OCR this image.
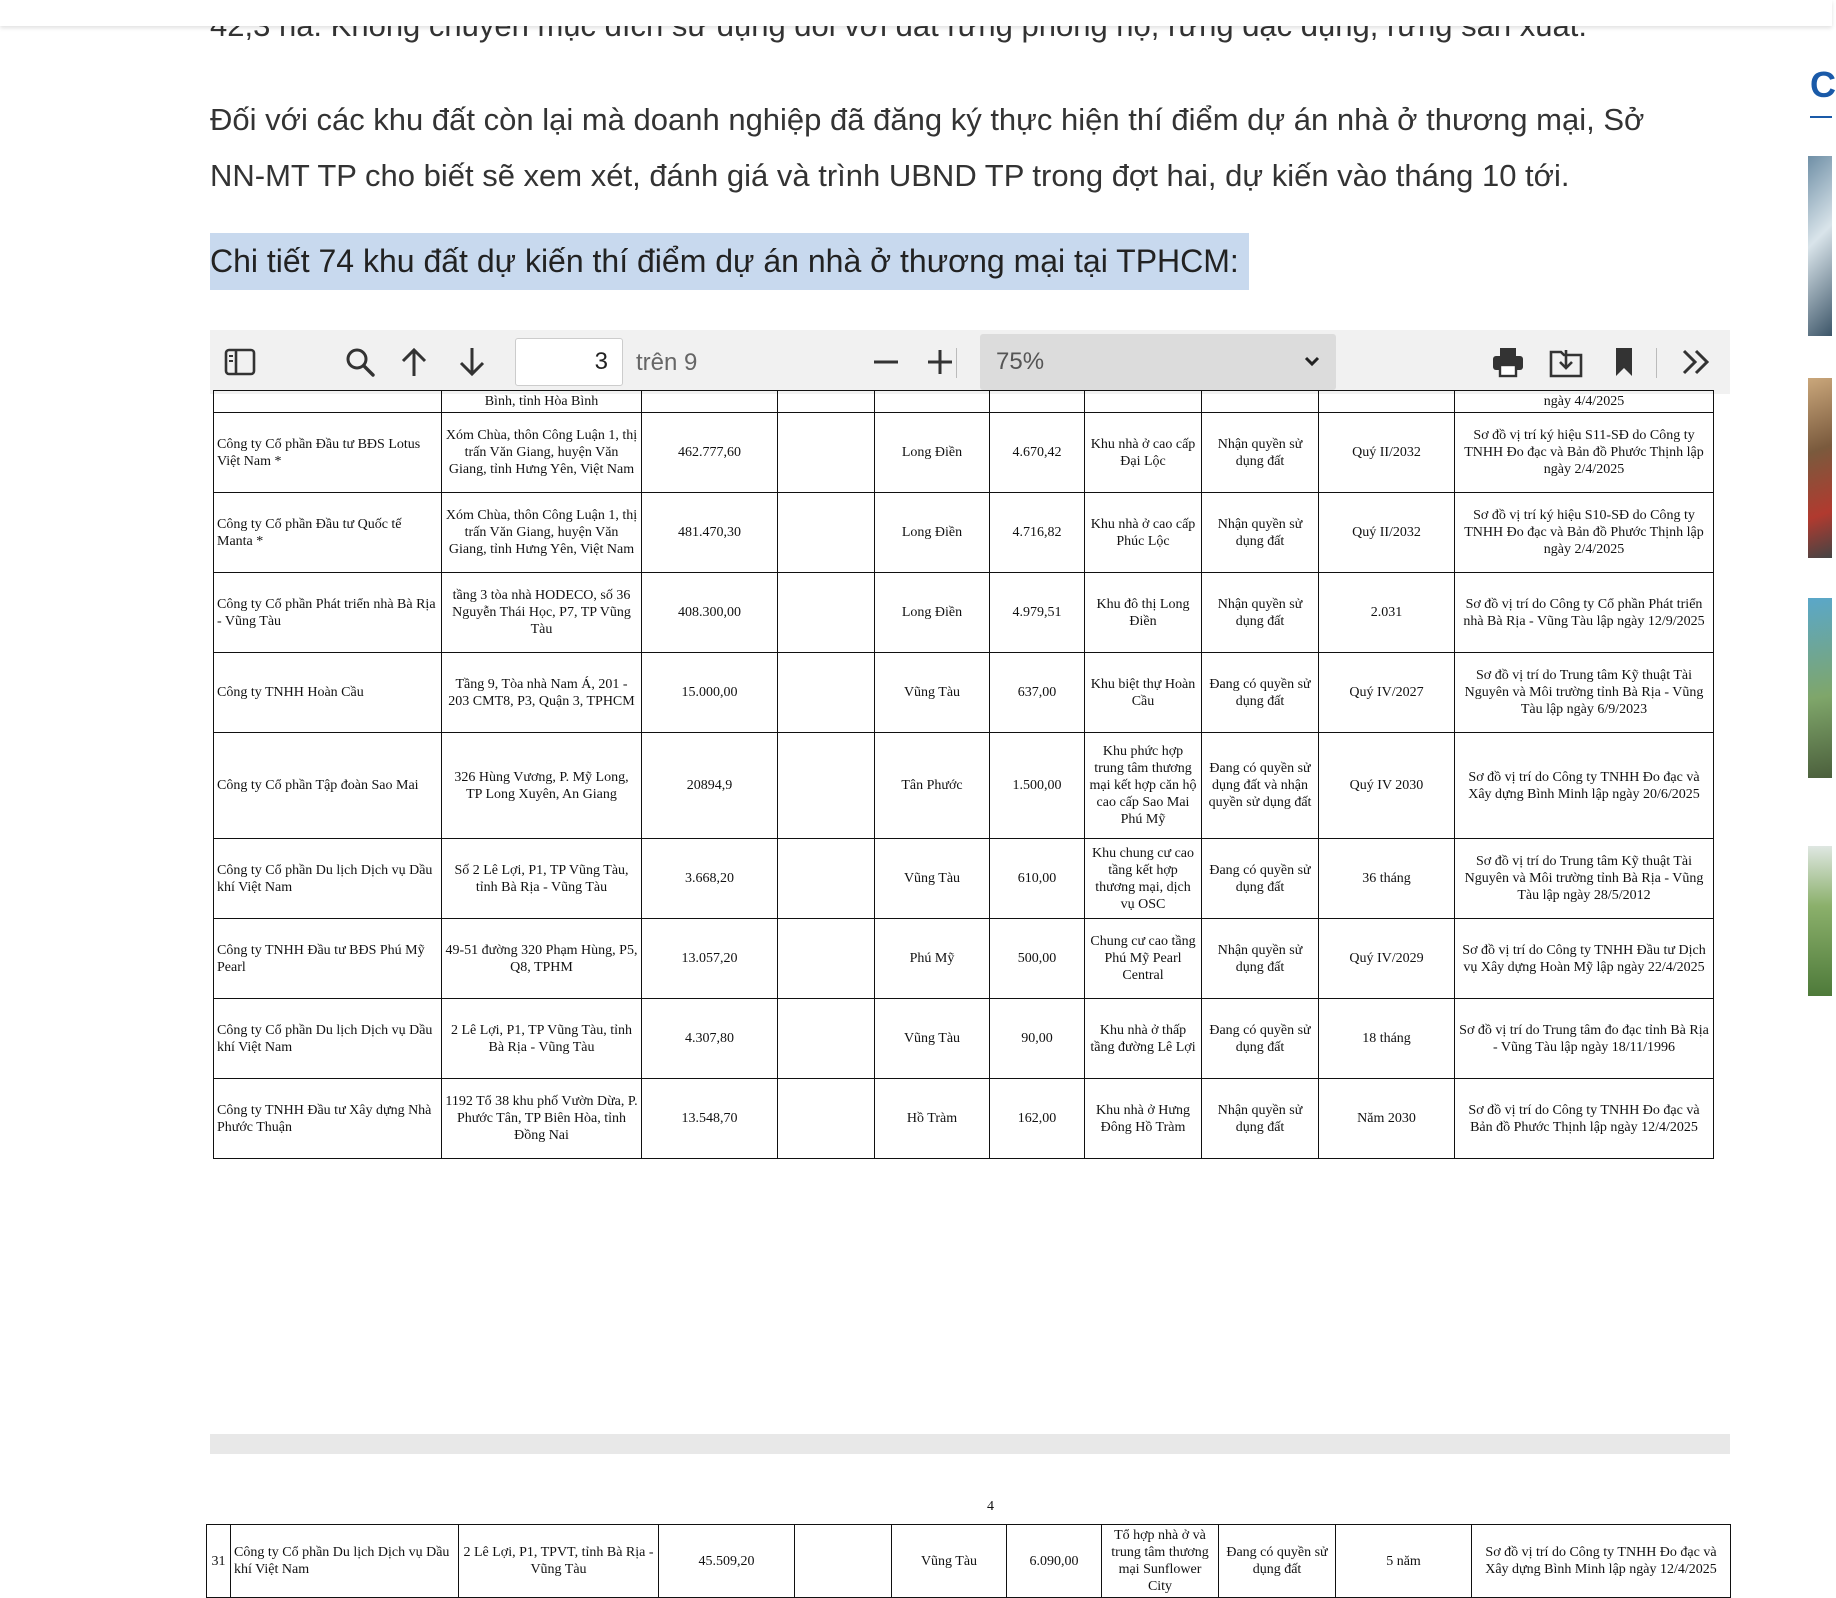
Đối với các khu đất còn lại mà doanh nghiệp đã đăng ký thực hiện thí điểm dự án nhà ở thương mại, Sở
NN-MT TP cho biết sẽ xem xét, đánh giá và trình UBND TP trong đợt hai, dự kiến vào tháng 10 tới.
Chi tiết 74 khu đất dự kiến thí điểm dự án nhà ở thương mại tại TPHCM:
C
3	trên 9	75%
	Bình, tỉnh Hòa Bình								ngày 4/4/2025
Công ty Cổ phần Đầu tư BĐS Lotus Việt Nam *	Xóm Chùa, thôn Công Luận 1, thị trấn Văn Giang, huyện Văn Giang, tỉnh Hưng Yên, Việt Nam	462.777,60		Long Điền	4.670,42	Khu nhà ở cao cấp Đại Lộc	Nhận quyền sử dụng đất	Quý II/2032	Sơ đồ vị trí ký hiệu S11-SĐ do Công ty TNHH Đo đạc và Bản đồ Phước Thịnh lập ngày 2/4/2025
Công ty Cổ phần Đầu tư Quốc tế Manta *	Xóm Chùa, thôn Công Luận 1, thị trấn Văn Giang, huyện Văn Giang, tỉnh Hưng Yên, Việt Nam	481.470,30		Long Điền	4.716,82	Khu nhà ở cao cấp Phúc Lộc	Nhận quyền sử dụng đất	Quý II/2032	Sơ đồ vị trí ký hiệu S10-SĐ do Công ty TNHH Đo đạc và Bản đồ Phước Thịnh lập ngày 2/4/2025
Công ty Cổ phần Phát triển nhà Bà Rịa - Vũng Tàu	tầng 3 tòa nhà HODECO, số 36 Nguyễn Thái Học, P7, TP Vũng Tàu	408.300,00		Long Điền	4.979,51	Khu đô thị Long Điền	Nhận quyền sử dụng đất	2.031	Sơ đồ vị trí do Công ty Cổ phần Phát triển nhà Bà Rịa - Vũng Tàu lập ngày 12/9/2025
Công ty TNHH Hoàn Cầu	Tầng 9, Tòa nhà Nam Á, 201 - 203 CMT8, P3, Quận 3, TPHCM	15.000,00		Vũng Tàu	637,00	Khu biệt thự Hoàn Cầu	Đang có quyền sử dụng đất	Quý IV/2027	Sơ đồ vị trí do Trung tâm Kỹ thuật Tài Nguyên và Môi trường tỉnh Bà Rịa - Vũng Tàu lập ngày 6/9/2023
Công ty Cổ phần Tập đoàn Sao Mai	326 Hùng Vương, P. Mỹ Long, TP Long Xuyên, An Giang	20894,9		Tân Phước	1.500,00	Khu phức hợp trung tâm thương mại kết hợp căn hộ cao cấp Sao Mai Phú Mỹ	Đang có quyền sử dụng đất và nhận quyền sử dụng đất	Quý IV 2030	Sơ đồ vị trí do Công ty TNHH Đo đạc và Xây dựng Bình Minh lập ngày 20/6/2025
Công ty Cổ phần Du lịch Dịch vụ Dầu khí Việt Nam	Số 2 Lê Lợi, P1, TP Vũng Tàu, tỉnh Bà Rịa - Vũng Tàu	3.668,20		Vũng Tàu	610,00	Khu chung cư cao tầng kết hợp thương mại, dịch vụ OSC	Đang có quyền sử dụng đất	36 tháng	Sơ đồ vị trí do Trung tâm Kỹ thuật Tài Nguyên và Môi trường tỉnh Bà Rịa - Vũng Tàu lập ngày 28/5/2012
Công ty TNHH Đầu tư BĐS Phú Mỹ Pearl	49-51 đường 320 Phạm Hùng, P5, Q8, TPHM	13.057,20		Phú Mỹ	500,00	Chung cư cao tầng Phú Mỹ Pearl Central	Nhận quyền sử dụng đất	Quý IV/2029	Sơ đồ vị trí do Công ty TNHH Đầu tư Dịch vụ Xây dựng Hoàn Mỹ lập ngày 22/4/2025
Công ty Cổ phần Du lịch Dịch vụ Dầu khí Việt Nam	2 Lê Lợi, P1, TP Vũng Tàu, tỉnh Bà Rịa - Vũng Tàu	4.307,80		Vũng Tàu	90,00	Khu nhà ở thấp tầng đường Lê Lợi	Đang có quyền sử dụng đất	18 tháng	Sơ đồ vị trí do Trung tâm đo đạc tỉnh Bà Rịa - Vũng Tàu lập ngày 18/11/1996
Công ty TNHH Đầu tư Xây dựng Nhà Phước Thuận	1192 Tổ 38 khu phố Vườn Dừa, P. Phước Tân, TP Biên Hòa, tỉnh Đồng Nai	13.548,70		Hồ Tràm	162,00	Khu nhà ở Hưng Đông Hồ Tràm	Nhận quyền sử dụng đất	Năm 2030	Sơ đồ vị trí do Công ty TNHH Đo đạc và Bản đồ Phước Thịnh lập ngày 12/4/2025
4
31	Công ty Cổ phần Du lịch Dịch vụ Dầu khí Việt Nam	2 Lê Lợi, P1, TPVT, tỉnh Bà Rịa - Vũng Tàu	45.509,20		Vũng Tàu	6.090,00	Tổ hợp nhà ở và trung tâm thương mại Sunflower City	Đang có quyền sử dụng đất	5 năm	Sơ đồ vị trí do Công ty TNHH Đo đạc và Xây dựng Bình Minh lập ngày 12/4/2025
